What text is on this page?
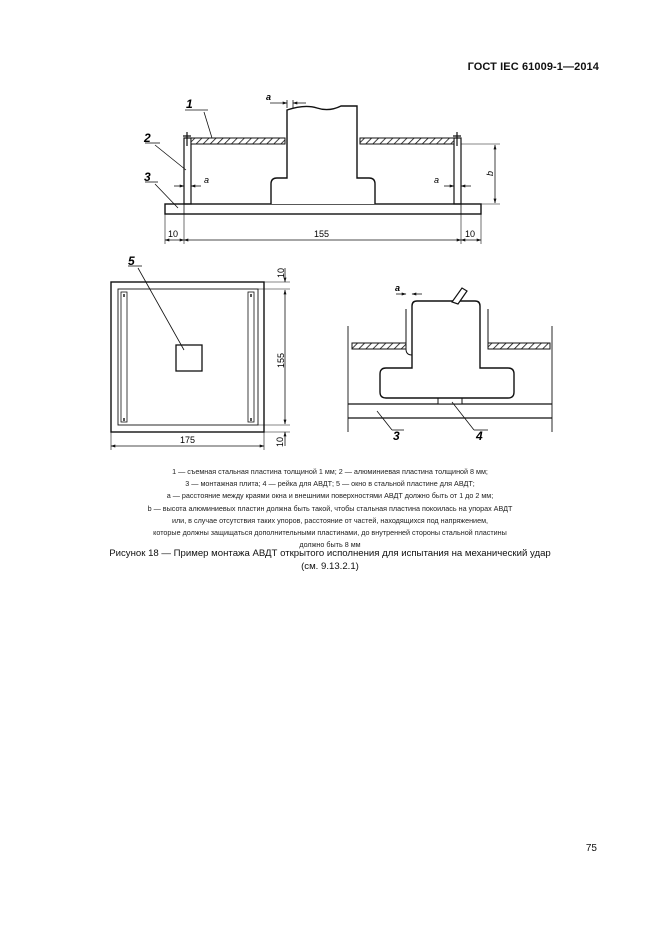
ГОСТ IEC 61009-1—2014
1
2
3
a
a	a
b
10	155	10
5
10
155
10
175
a
3	4

1 — съемная стальная пластина толщиной 1 мм; 2 — алюминиевая пластина толщиной 8 мм;

3 — монтажная плита; 4 — рейка для АВДТ; 5 — окно в стальной пластине для АВДТ;

a — расстояние между краями окна и внешними поверхностями АВДТ должно быть от 1 до 2 мм;

b — высота алюминиевых пластин должна быть такой, чтобы стальная пластина покоилась на упорах АВДТ

или, в случае отсутствия таких упоров, расстояние от частей, находящихся под напряжением,

которые должны защищаться дополнительными пластинами, до внутренней стороны стальной пластины

должно быть 8 мм

Рисунок 18 — Пример монтажа АВДТ открытого исполнения для испытания на механический удар

(см. 9.13.2.1)

75
